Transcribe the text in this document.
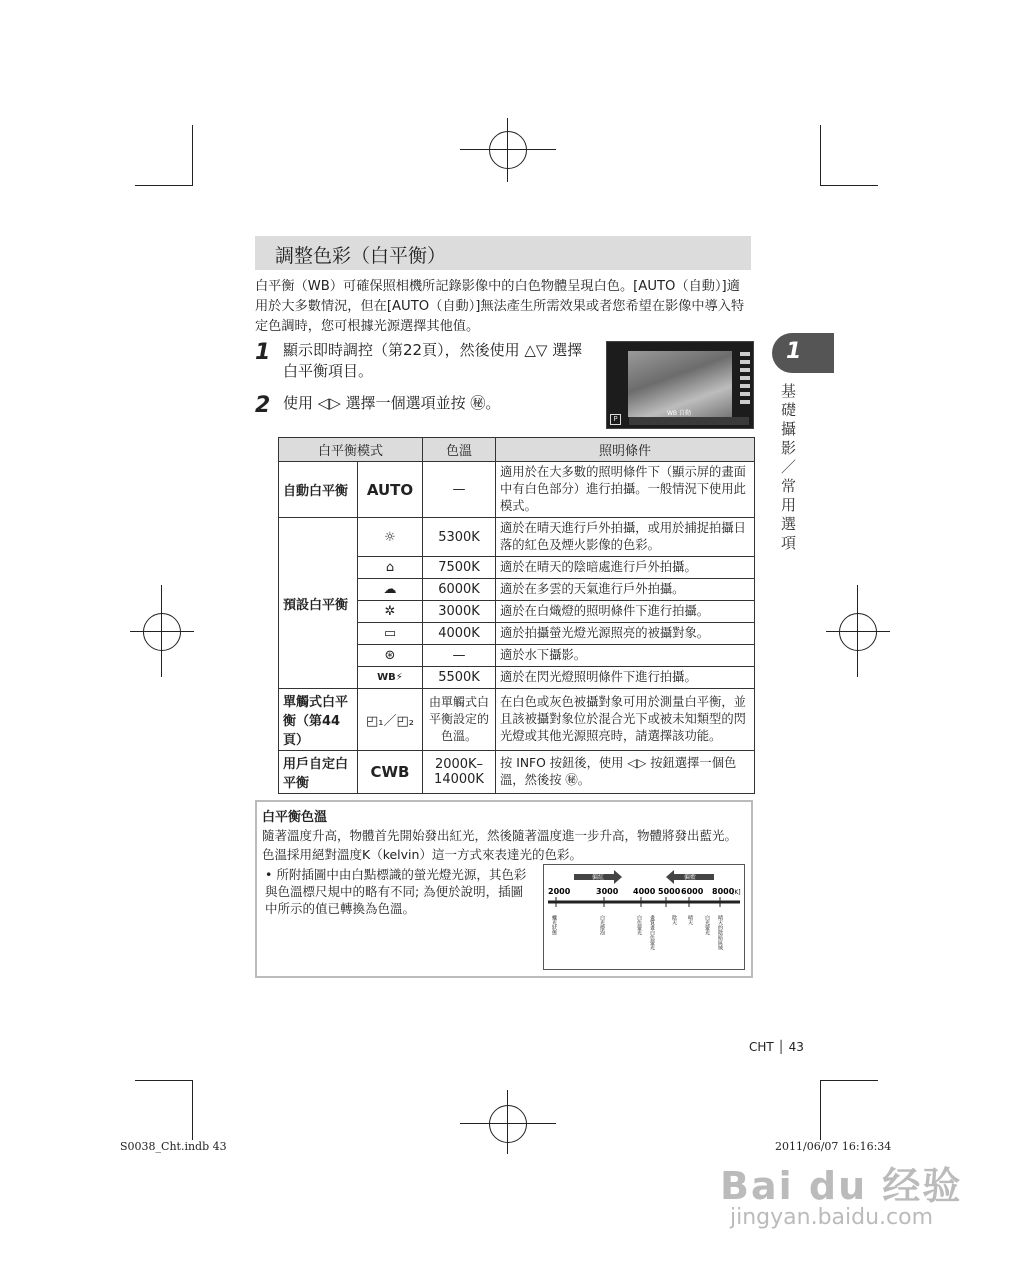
調整色彩（白平衡）
白平衡（WB）可確保照相機所記錄影像中的白色物體呈現白色。[AUTO（自動）]適用於大多數情況，但在[AUTO（自動）]無法產生所需效果或者您希望在影像中導入特定色調時，您可根據光源選擇其他值。
1 顯示即時調控（第22頁），然後使用 △▽ 選擇白平衡項目。
2 使用 ◁▷ 選擇一個選項並按 ㊙。
P
WB 自動
白平衡模式		色溫	照明條件
自動白平衡	AUTO	—	適用於在大多數的照明條件下（顯示屏的畫面中有白色部分）進行拍攝。一般情況下使用此模式。
預設白平衡	☼	5300K	適於在晴天進行戶外拍攝，或用於捕捉拍攝日落的紅色及煙火影像的色彩。
	⌂	7500K	適於在晴天的陰暗處進行戶外拍攝。
	☁	6000K	適於在多雲的天氣進行戶外拍攝。
	✲	3000K	適於在白熾燈的照明條件下進行拍攝。
	▭	4000K	適於拍攝螢光燈光源照亮的被攝對象。
	⊛	—	適於水下攝影。
	WB⚡	5500K	適於在閃光燈照明條件下進行拍攝。
單觸式白平衡（第44頁）	◰₁／◰₂	由單觸式白平衡設定的色溫。	在白色或灰色被攝對象可用於測量白平衡，並且該被攝對象位於混合光下或被未知類型的閃光燈或其他光源照亮時，請選擇該功能。
用戶自定白平衡	CWB	2000K–14000K	按 INFO 按鈕後，使用 ◁▷ 按鈕選擇一個色溫，然後按 ㊙。
白平衡色溫
隨著溫度升高，物體首先開始發出紅光，然後隨著溫度進一步升高，物體將發出藍光。色溫採用絕對溫度K（kelvin）這一方式來表達光的色彩。
• 所附插圖中由白點標識的螢光燈光源，其色彩與色溫標尺規中的略有不同; 為便於說明，插圖中所示的值已轉換為色溫。
偏紅	偏藍
2000	3000 4000 5000 6000 8000
[K]
蠟光狀態	白光燈泡	白色螢光 畫質晝白色螢光	陰天 晴天 白光螢光 晴天的陰暗區域
1
基礎攝影／常用選項
CHT │ 43
S0038_Cht.indb 43	2011/06/07 16:16:34
Bai du 经验
jingyan.baidu.com
